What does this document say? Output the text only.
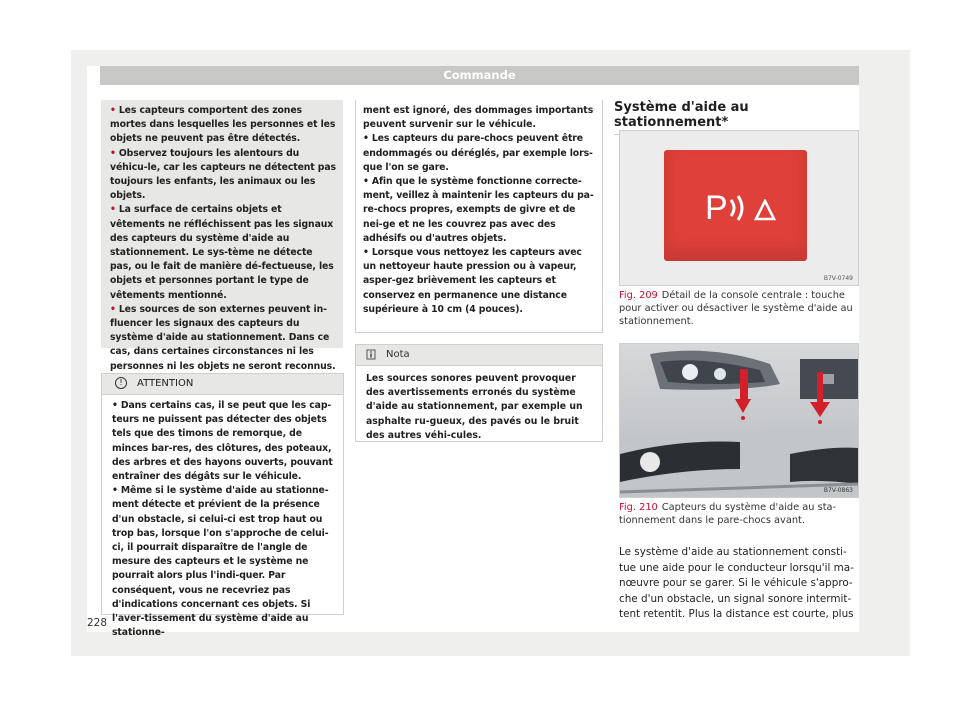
Commande
• Les capteurs comportent des zones mortes dans lesquelles les personnes et les objets ne peuvent pas être détectés.
• Observez toujours les alentours du véhicu-le, car les capteurs ne détectent pas toujours les enfants, les animaux ou les objets.
• La surface de certains objets et vêtements ne réfléchissent pas les signaux des capteurs du système d'aide au stationnement. Le sys-tème ne détecte pas, ou le fait de manière dé-fectueuse, les objets et personnes portant le type de vêtements mentionné.
• Les sources de son externes peuvent in-fluencer les signaux des capteurs du système d'aide au stationnement. Dans ce cas, dans certaines circonstances ni les personnes ni les objets ne seront reconnus.
! ATTENTION
• Dans certains cas, il se peut que les cap-teurs ne puissent pas détecter des objets tels que des timons de remorque, de minces bar-res, des clôtures, des poteaux, des arbres et des hayons ouverts, pouvant entraîner des dégâts sur le véhicule.
• Même si le système d'aide au stationne-ment détecte et prévient de la présence d'un obstacle, si celui-ci est trop haut ou trop bas, lorsque l'on s'approche de celui-ci, il pourrait disparaître de l'angle de mesure des capteurs et le système ne pourrait alors plus l'indi-quer. Par conséquent, vous ne recevriez pas d'indications concernant ces objets. Si l'aver-tissement du système d'aide au stationne-
ment est ignoré, des dommages importants peuvent survenir sur le véhicule.
• Les capteurs du pare-chocs peuvent être endommagés ou déréglés, par exemple lors-que l'on se gare.
• Afin que le système fonctionne correcte-ment, veillez à maintenir les capteurs du pa-re-chocs propres, exempts de givre et de nei-ge et ne les couvrez pas avec des adhésifs ou d'autres objets.
• Lorsque vous nettoyez les capteurs avec un nettoyeur haute pression ou à vapeur, asper-gez brièvement les capteurs et conservez en permanence une distance supérieure à 10 cm (4 pouces).
Nota
Les sources sonores peuvent provoquer des avertissements erronés du système d'aide au stationnement, par exemple un asphalte ru-gueux, des pavés ou le bruit des autres véhi-cules.
Système d'aide au stationnement*
P
B7V-0749
Fig. 209 Détail de la console centrale : touche pour activer ou désactiver le système d'aide au stationnement.
B7V-0863
Fig. 210 Capteurs du système d'aide au sta-tionnement dans le pare-chocs avant.
Le système d'aide au stationnement consti-tue une aide pour le conducteur lorsqu'il ma-nœuvre pour se garer. Si le véhicule s'appro-che d'un obstacle, un signal sonore intermit-tent retentit. Plus la distance est courte, plus
228
